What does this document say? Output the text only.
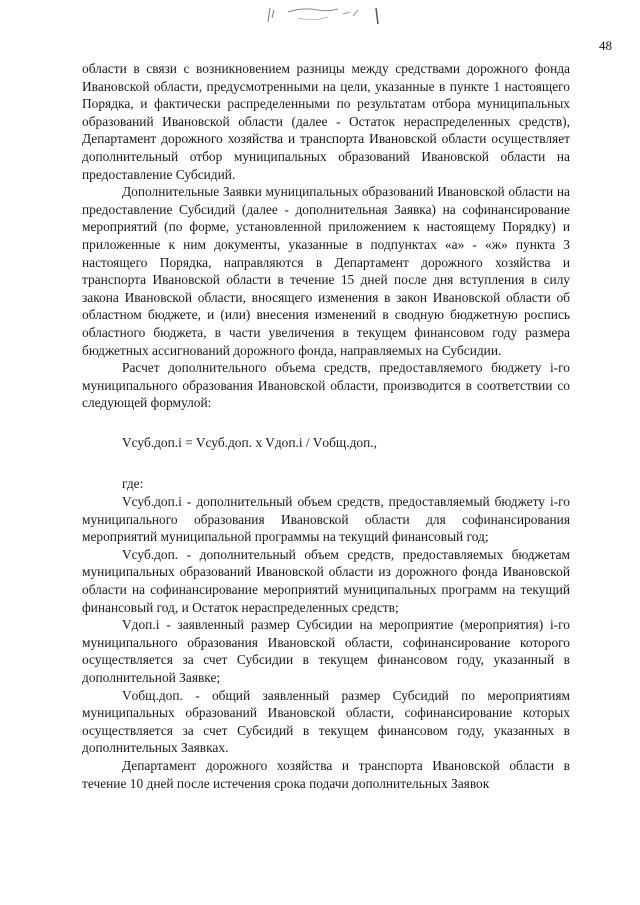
48

области в связи с возникновением разницы между средствами дорожного фонда Ивановской области, предусмотренными на цели, указанные в пункте 1 настоящего Порядка, и фактически распределенными по результатам отбора муниципальных образований Ивановской области (далее - Остаток нераспределенных средств), Департамент дорожного хозяйства и транспорта Ивановской области осуществляет дополнительный отбор муниципальных образований Ивановской области на предоставление Субсидий.

Дополнительные Заявки муниципальных образований Ивановской области на предоставление Субсидий (далее - дополнительная Заявка) на софинансирование мероприятий (по форме, установленной приложением к настоящему Порядку) и приложенные к ним документы, указанные в подпунктах «а» - «ж» пункта 3 настоящего Порядка, направляются в Департамент дорожного хозяйства и транспорта Ивановской области в течение 15 дней после дня вступления в силу закона Ивановской области, вносящего изменения в закон Ивановской области об областном бюджете, и (или) внесения изменений в сводную бюджетную роспись областного бюджета, в части увеличения в текущем финансовом году размера бюджетных ассигнований дорожного фонда, направляемых на Субсидии.

Расчет дополнительного объема средств, предоставляемого бюджету i-го муниципального образования Ивановской области, производится в соответствии со следующей формулой:

Vсуб.доп.i = Vсуб.доп. x Vдоп.i / Vобщ.доп.,

где:

Vсуб.доп.i - дополнительный объем средств, предоставляемый бюджету i-го муниципального образования Ивановской области для софинансирования мероприятий муниципальной программы на текущий финансовый год;

Vсуб.доп. - дополнительный объем средств, предоставляемых бюджетам муниципальных образований Ивановской области из дорожного фонда Ивановской области на софинансирование мероприятий муниципальных программ на текущий финансовый год, и Остаток нераспределенных средств;

Vдоп.i - заявленный размер Субсидии на мероприятие (мероприятия) i-го муниципального образования Ивановской области, софинансирование которого осуществляется за счет Субсидии в текущем финансовом году, указанный в дополнительной Заявке;

Vобщ.доп. - общий заявленный размер Субсидий по мероприятиям муниципальных образований Ивановской области, софинансирование которых осуществляется за счет Субсидий в текущем финансовом году, указанных в дополнительных Заявках.

Департамент дорожного хозяйства и транспорта Ивановской области в течение 10 дней после истечения срока подачи дополнительных Заявок
